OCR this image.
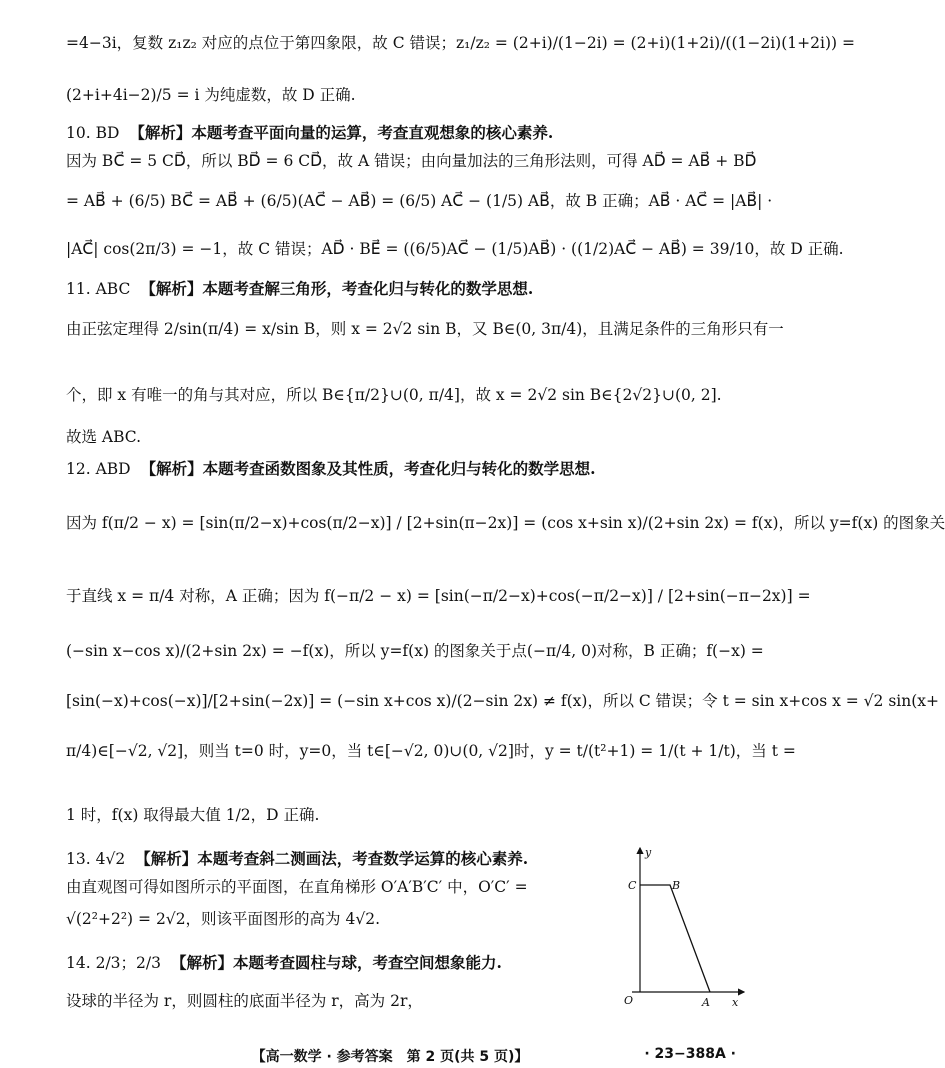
=4−3i，复数 z₁z₂ 对应的点位于第四象限，故 C 错误；z₁/z₂ = (2+i)/(1−2i) = (2+i)(1+2i)/((1−2i)(1+2i)) =
(2+i+4i−2)/5 = i 为纯虚数，故 D 正确.
10. BD 【解析】本题考查平面向量的运算，考查直观想象的核心素养.
因为 BC⃗ = 5 CD⃗，所以 BD⃗ = 6 CD⃗，故 A 错误；由向量加法的三角形法则，可得 AD⃗ = AB⃗ + BD⃗
= AB⃗ + (6/5) BC⃗ = AB⃗ + (6/5)(AC⃗ − AB⃗) = (6/5) AC⃗ − (1/5) AB⃗，故 B 正确；AB⃗ · AC⃗ = |AB⃗| ·
|AC⃗| cos(2π/3) = −1，故 C 错误；AD⃗ · BE⃗ = ((6/5)AC⃗ − (1/5)AB⃗) · ((1/2)AC⃗ − AB⃗) = 39/10，故 D 正确.
11. ABC 【解析】本题考查解三角形，考查化归与转化的数学思想.
由正弦定理得 2/sin(π/4) = x/sin B，则 x = 2√2 sin B，又 B∈(0, 3π/4)，且满足条件的三角形只有一
个，即 x 有唯一的角与其对应，所以 B∈{π/2}∪(0, π/4]，故 x = 2√2 sin B∈{2√2}∪(0, 2].
故选 ABC.
12. ABD 【解析】本题考查函数图象及其性质，考查化归与转化的数学思想.
因为 f(π/2 − x) = [sin(π/2−x)+cos(π/2−x)] / [2+sin(π−2x)] = (cos x+sin x)/(2+sin 2x) = f(x)，所以 y=f(x) 的图象关
于直线 x = π/4 对称，A 正确；因为 f(−π/2 − x) = [sin(−π/2−x)+cos(−π/2−x)] / [2+sin(−π−2x)] =
(−sin x−cos x)/(2+sin 2x) = −f(x)，所以 y=f(x) 的图象关于点(−π/4, 0)对称，B 正确；f(−x) =
[sin(−x)+cos(−x)]/[2+sin(−2x)] = (−sin x+cos x)/(2−sin 2x) ≠ f(x)，所以 C 错误；令 t = sin x+cos x = √2 sin(x+
π/4)∈[−√2, √2]，则当 t=0 时，y=0，当 t∈[−√2, 0)∪(0, √2]时，y = t/(t²+1) = 1/(t + 1/t)，当 t =
1 时，f(x) 取得最大值 1/2，D 正确.
13. 4√2 【解析】本题考查斜二测画法，考查数学运算的核心素养.
由直观图可得如图所示的平面图，在直角梯形 O′A′B′C′ 中，O′C′ =
√(2²+2²) = 2√2，则该平面图形的高为 4√2.
14. 2/3；2/3 【解析】本题考查圆柱与球，考查空间想象能力.
设球的半径为 r，则圆柱的底面半径为 r，高为 2r，
y
x
O
C	B
A
【高一数学 · 参考答案　第 2 页(共 5 页)】	· 23−388A ·
